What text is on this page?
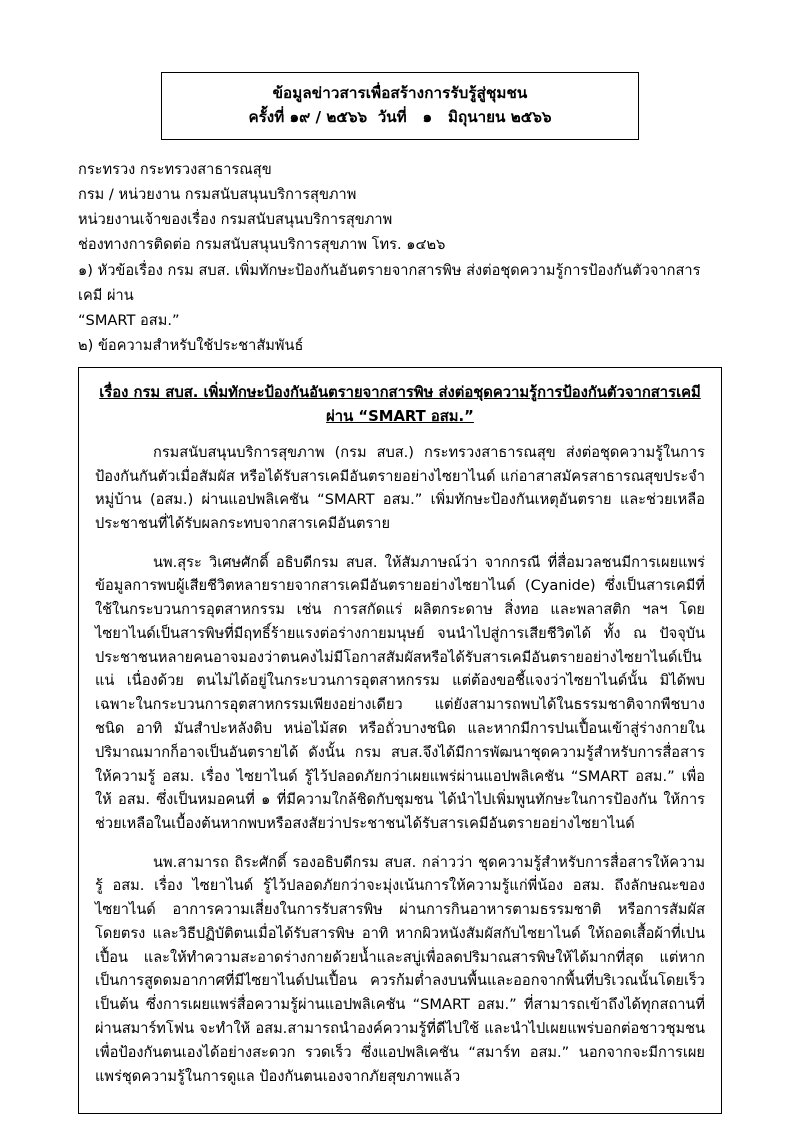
ข้อมูลข่าวสารเพื่อสร้างการรับรู้สู่ชุมชน
ครั้งที่ ๑๙ / ๒๕๖๖  วันที่   ๑   มิถุนายน ๒๕๖๖
กระทรวง กระทรวงสาธารณสุข
กรม / หน่วยงาน กรมสนับสนุนบริการสุขภาพ
หน่วยงานเจ้าของเรื่อง กรมสนับสนุนบริการสุขภาพ
ช่องทางการติดต่อ กรมสนับสนุนบริการสุขภาพ โทร. ๑๔๒๖
๑) หัวข้อเรื่อง กรม สบส. เพิ่มทักษะป้องกันอันตรายจากสารพิษ ส่งต่อชุดความรู้การป้องกันตัวจากสารเคมี ผ่าน
“SMART อสม.”
๒) ข้อความสำหรับใช้ประชาสัมพันธ์
เรื่อง กรม สบส. เพิ่มทักษะป้องกันอันตรายจากสารพิษ ส่งต่อชุดความรู้การป้องกันตัวจากสารเคมี
ผ่าน “SMART อสม.”

กรมสนับสนุนบริการสุขภาพ (กรม สบส.) กระทรวงสาธารณสุข ส่งต่อชุดความรู้ในการป้องกันกันตัวเมื่อสัมผัส หรือได้รับสารเคมีอันตรายอย่างไซยาไนด์ แก่อาสาสมัครสาธารณสุขประจำหมู่บ้าน (อสม.) ผ่านแอปพลิเคชัน “SMART อสม.” เพิ่มทักษะป้องกันเหตุอันตราย และช่วยเหลือประชาชนที่ได้รับผลกระทบจากสารเคมีอันตราย

นพ.สุระ วิเศษศักดิ์ อธิบดีกรม สบส. ให้สัมภาษณ์ว่า จากกรณี ที่สื่อมวลชนมีการเผยแพร่ข้อมูลการพบผู้เสียชีวิตหลายรายจากสารเคมีอันตรายอย่างไซยาไนด์ (Cyanide) ซึ่งเป็นสารเคมีที่ใช้ในกระบวนการอุตสาหกรรม เช่น การสกัดแร่ ผลิตกระดาษ สิ่งทอ และพลาสติก ฯลฯ โดย ไซยาไนด์เป็นสารพิษที่มีฤทธิ์ร้ายแรงต่อร่างกายมนุษย์ จนนำไปสู่การเสียชีวิตได้ ทั้ง ณ ปัจจุบันประชาชนหลายคนอาจมองว่าตนคงไม่มีโอกาสสัมผัสหรือได้รับสารเคมีอันตรายอย่างไซยาไนด์เป็นแน่ เนื่องด้วย ตนไม่ได้อยู่ในกระบวนการอุตสาหกรรม แต่ต้องขอชี้แจงว่าไซยาไนด์นั้น มิได้พบเฉพาะในกระบวนการอุตสาหกรรมเพียงอย่างเดียว แต่ยังสามารถพบได้ในธรรมชาติจากพืชบางชนิด อาทิ มันสำปะหลังดิบ หน่อไม้สด หรือถั่วบางชนิด และหากมีการปนเปื้อนเข้าสู่ร่างกายในปริมาณมากก็อาจเป็นอันตรายได้ ดังนั้น กรม สบส.จึงได้มีการพัฒนาชุดความรู้สำหรับการสื่อสารให้ความรู้ อสม. เรื่อง ไซยาไนด์ รู้ไว้ปลอดภัยกว่าเผยแพร่ผ่านแอปพลิเคชัน “SMART อสม.” เพื่อให้ อสม. ซึ่งเป็นหมอคนที่ ๑ ที่มีความใกล้ชิดกับชุมชน ได้นำไปเพิ่มพูนทักษะในการป้องกัน ให้การช่วยเหลือในเบื้องต้นหากพบหรือสงสัยว่าประชาชนได้รับสารเคมีอันตรายอย่างไซยาไนด์

นพ.สามารถ ถิระศักดิ์ รองอธิบดีกรม สบส. กล่าวว่า ชุดความรู้สำหรับการสื่อสารให้ความรู้ อสม. เรื่อง ไซยาไนด์ รู้ไว้ปลอดภัยกว่าจะมุ่งเน้นการให้ความรู้แก่พี่น้อง อสม. ถึงลักษณะของไซยาไนด์ อาการความเสี่ยงในการรับสารพิษ ผ่านการกินอาหารตามธรรมชาติ หรือการสัมผัสโดยตรง และวิธีปฏิบัติตนเมื่อได้รับสารพิษ อาทิ หากผิวหนังสัมผัสกับไซยาไนด์ ให้ถอดเสื้อผ้าที่เปนเปื้อน และให้ทำความสะอาดร่างกายด้วยน้ำและสบู่เพื่อลดปริมาณสารพิษให้ได้มากที่สุด แต่หากเป็นการสูดดมอากาศที่มีไซยาไนด์ปนเปื้อน ควรก้มต่ำลงบนพื้นและออกจากพื้นที่บริเวณนั้นโดยเร็ว เป็นต้น ซึ่งการเผยแพร่สื่อความรู้ผ่านแอปพลิเคชัน “SMART อสม.” ที่สามารถเข้าถึงได้ทุกสถานที่ผ่านสมาร์ทโฟน จะทำให้ อสม.สามารถนำองค์ความรู้ที่ดีไปใช้ และนำไปเผยแพร่บอกต่อชาวชุมชนเพื่อป้องกันตนเองได้อย่างสะดวก รวดเร็ว ซึ่งแอปพลิเคชัน “สมาร์ท อสม.” นอกจากจะมีการเผยแพร่ชุดความรู้ในการดูแล ป้องกันตนเองจากภัยสุขภาพแล้ว
